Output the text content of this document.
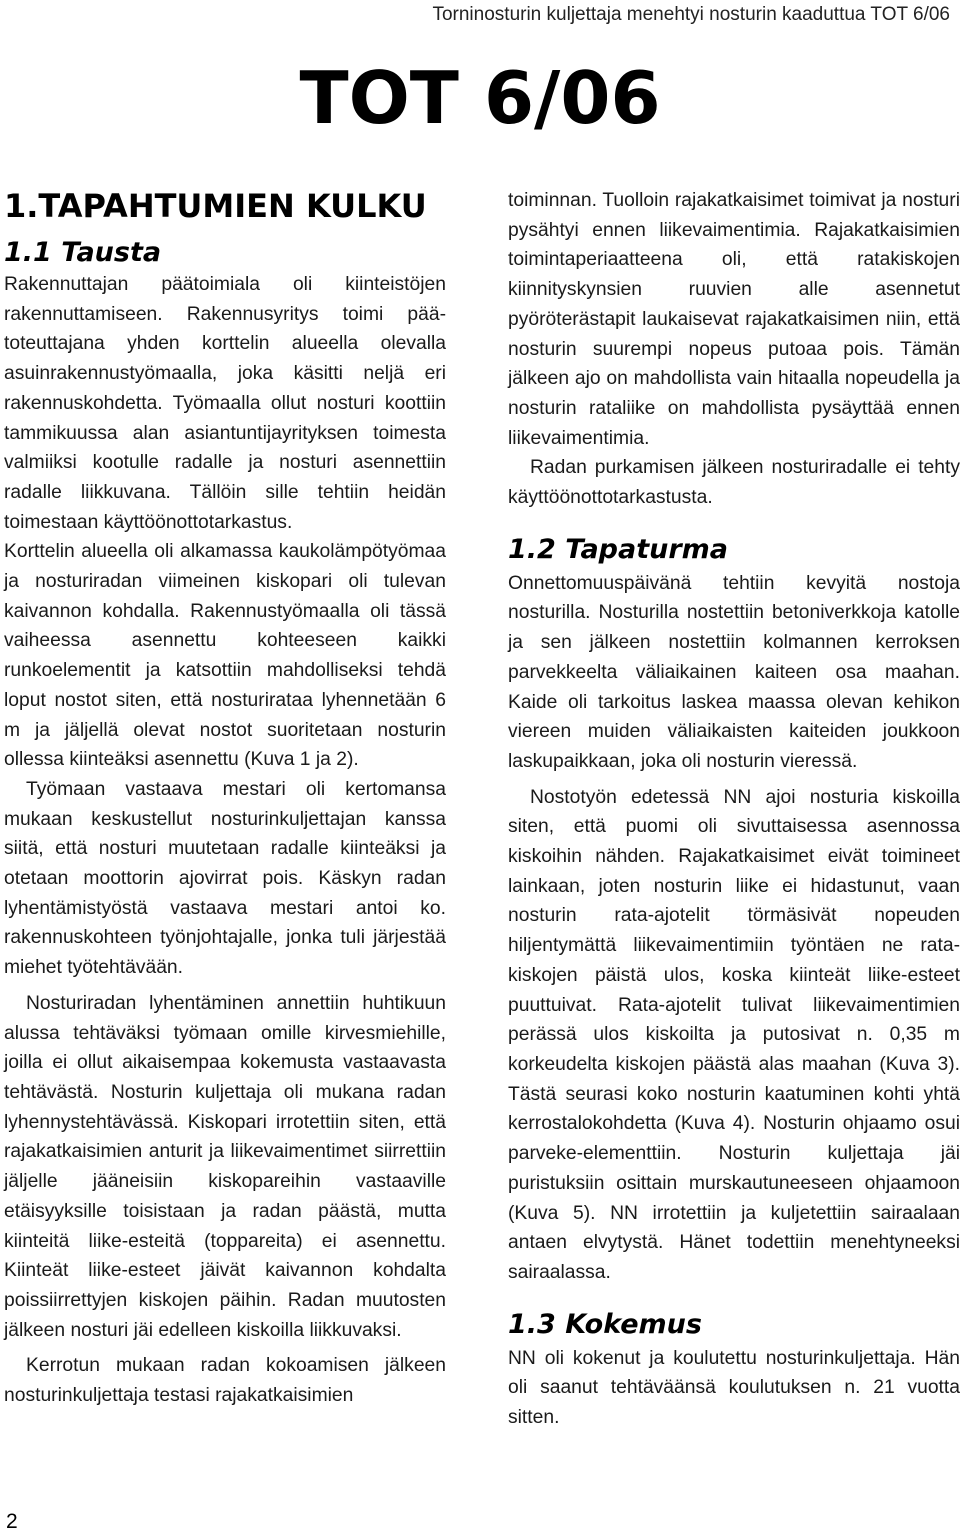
Torninosturin kuljettaja menehtyi nosturin kaaduttua TOT 6/06
TOT 6/06
1.TAPAHTUMIEN KULKU
1.1 Tausta

Rakennuttajan päätoimiala oli kiinteistöjen rakennuttamiseen. Rakennusyritys toimi päätoteuttajana yhden korttelin alueella olevalla asuinrakennustyömaalla, joka käsitti neljä eri rakennuskohdetta. Työmaalla ollut nosturi koottiin tammikuussa alan asiantuntijayrityksen toimesta valmiiksi kootulle radalle ja nosturi asennettiin radalle liikkuvana. Tällöin sille tehtiin heidän toimestaan käyttöönottotarkastus.

Korttelin alueella oli alkamassa kaukolämpötyömaa ja nosturiradan viimeinen kiskopari oli tulevan kaivannon kohdalla. Rakennustyömaalla oli tässä vaiheessa asennettu kohteeseen kaikki runkoelementit ja katsottiin mahdolliseksi tehdä loput nostot siten, että nosturirataa lyhennetään 6 m ja jäljellä olevat nostot suoritetaan nosturin ollessa kiinteäksi asennettu (Kuva 1 ja 2).

Työmaan vastaava mestari oli kertomansa mukaan keskustellut nosturinkuljettajan kanssa siitä, että nosturi muutetaan radalle kiinteäksi ja otetaan moottorin ajovirrat pois. Käskyn radan lyhentämistyöstä vastaava mestari antoi ko. rakennuskohteen työnjohtajalle, jonka tuli järjestää miehet työtehtävään.

Nosturiradan lyhentäminen annettiin huhtikuun alussa tehtäväksi työmaan omille kirvesmiehille, joilla ei ollut aikaisempaa kokemusta vastaavasta tehtävästä. Nosturin kuljettaja oli mukana radan lyhennystehtävässä. Kiskopari irrotettiin siten, että rajakatkaisimien anturit ja liikevaimentimet siirrettiin jäljelle jääneisiin kiskopareihin vastaaville etäisyyksille toisistaan ja radan päästä, mutta kiinteitä liike-esteitä (toppareita) ei asennettu. Kiinteät liike-esteet jäivät kaivannon kohdalta poissiirrettyjen kiskojen päihin. Radan muutosten jälkeen nosturi jäi edelleen kiskoilla liikkuvaksi.

Kerrotun mukaan radan kokoamisen jälkeen nosturinkuljettaja testasi rajakatkaisimien

toiminnan. Tuolloin rajakatkaisimet toimivat ja nosturi pysähtyi ennen liikevaimentimia. Rajakatkaisimien toimintaperiaatteena oli, että ratakiskojen kiinnityskynsien ruuvien alle asennetut pyöröterästapit laukaisevat rajakatkaisimen niin, että nosturin suurempi nopeus putoaa pois. Tämän jälkeen ajo on mahdollista vain hitaalla nopeudella ja nosturin rataliike on mahdollista pysäyttää ennen liikevaimentimia.

Radan purkamisen jälkeen nosturiradalle ei tehty käyttöönottotarkastusta.

1.2 Tapaturma

Onnettomuuspäivänä tehtiin kevyitä nostoja nosturilla. Nosturilla nostettiin betoniverkkoja katolle ja sen jälkeen nostettiin kolmannen kerroksen parvekkeelta väliaikainen kaiteen osa maahan. Kaide oli tarkoitus laskea maassa olevan kehikon viereen muiden väliaikaisten kaiteiden joukkoon laskupaikkaan, joka oli nosturin vieressä.

Nostotyön edetessä NN ajoi nosturia kiskoilla siten, että puomi oli sivuttaisessa asennossa kiskoihin nähden. Rajakatkaisimet eivät toimineet lainkaan, joten nosturin liike ei hidastunut, vaan nosturin rata-ajotelit törmäsivät nopeuden hiljentymättä liikevaimentimiin työntäen ne ratakiskojen päistä ulos, koska kiinteät liike-esteet puuttuivat. Rata-ajotelit tulivat liikevaimentimien perässä ulos kiskoilta ja putosivat n. 0,35 m korkeudelta kiskojen päästä alas maahan (Kuva 3). Tästä seurasi koko nosturin kaatuminen kohti yhtä kerrostalokohdetta (Kuva 4). Nosturin ohjaamo osui parveke-elementtiin. Nosturin kuljettaja jäi puristuksiin osittain murskautuneeseen ohjaamoon (Kuva 5). NN irrotettiin ja kuljetettiin sairaalaan antaen elvytystä. Hänet todettiin menehtyneeksi sairaalassa.

1.3 Kokemus

NN oli kokenut ja koulutettu nosturinkuljettaja. Hän oli saanut tehtäväänsä koulutuksen n. 21 vuotta sitten.

2
